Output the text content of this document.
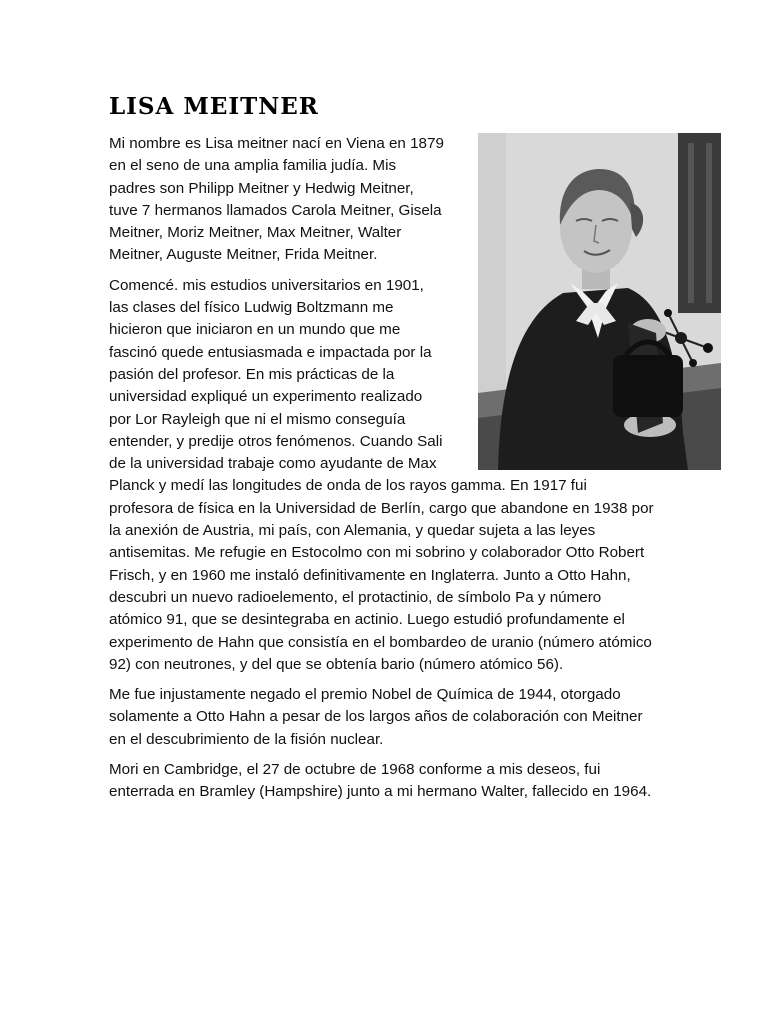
LISA MEITNER

Mi nombre es Lisa meitner nací en Viena en 1879 en el seno de una amplia familia judía. Mis padres son Philipp Meitner y Hedwig Meitner, tuve 7 hermanos llamados Carola Meitner, Gisela Meitner, Moriz Meitner, Max Meitner, Walter Meitner, Auguste Meitner, Frida Meitner.

Comencé. mis estudios universitarios en 1901, las clases del físico Ludwig Boltzmann me hicieron que iniciaron en un mundo que me fascinó quede entusiasmada e impactada por la pasión del profesor. En mis prácticas de la universidad expliqué un experimento realizado por Lor Rayleigh que ni el mismo conseguía entender, y predije otros fenómenos. Cuando Sali de la universidad trabaje como ayudante de Max Planck y medí las longitudes de onda de los rayos gamma. En 1917 fui profesora de física en la Universidad de Berlín, cargo que abandone en 1938 por la anexión de Austria, mi país, con Alemania, y quedar sujeta a las leyes antisemitas. Me refugie en Estocolmo con mi sobrino y colaborador Otto Robert Frisch, y en 1960 me instaló definitivamente en Inglaterra. Junto a Otto Hahn, descubri un nuevo radioelemento, el protactinio, de símbolo Pa y número atómico 91, que se desintegraba en actinio. Luego estudió profundamente el experimento de Hahn que consistía en el bombardeo de uranio (número atómico 92) con neutrones, y del que se obtenía bario (número atómico 56).

Me fue injustamente negado el premio Nobel de Química de 1944, otorgado solamente a Otto Hahn a pesar de los largos años de colaboración con Meitner en el descubrimiento de la fisión nuclear.

Mori en Cambridge, el 27 de octubre de 1968 conforme a mis deseos, fui enterrada en Bramley (Hampshire) junto a mi hermano Walter, fallecido en 1964.
